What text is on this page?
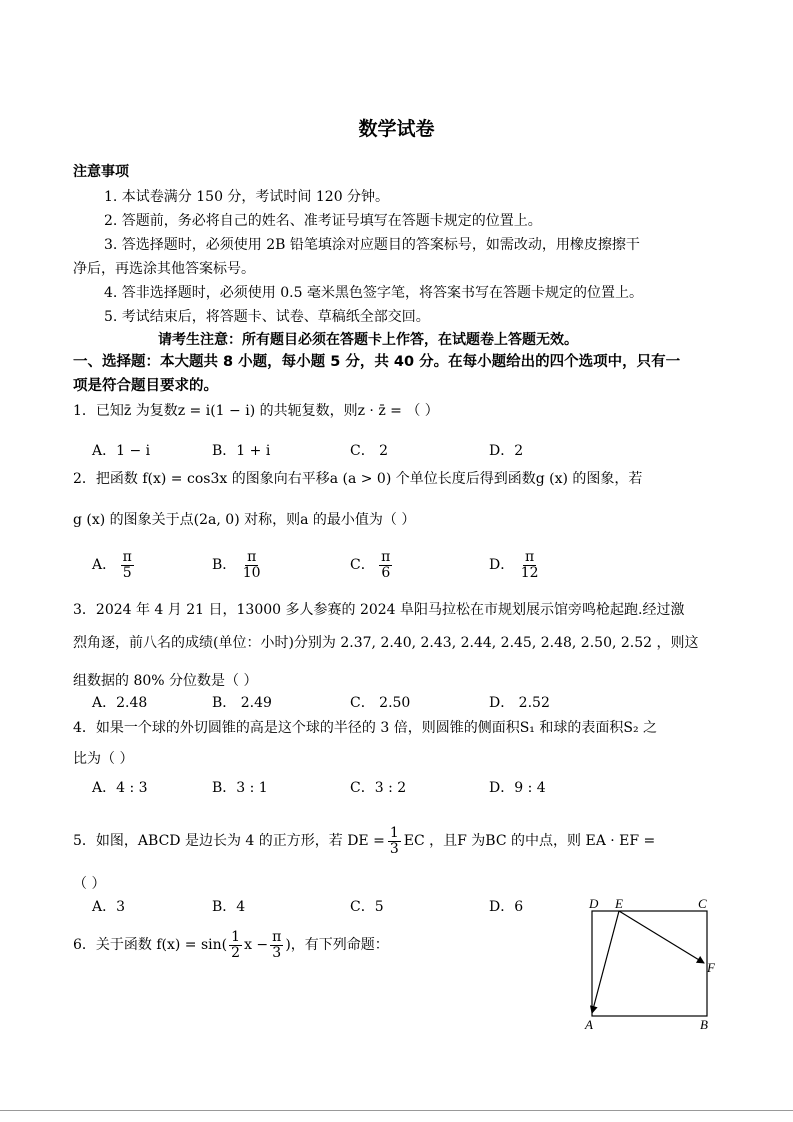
数学试卷
注意事项
1. 本试卷满分 150 分，考试时间 120 分钟。
2. 答题前，务必将自己的姓名、准考证号填写在答题卡规定的位置上。
3. 答选择题时，必须使用 2B 铅笔填涂对应题目的答案标号，如需改动，用橡皮擦擦干
净后，再选涂其他答案标号。
4. 答非选择题时，必须使用 0.5 毫米黑色签字笔，将答案书写在答题卡规定的位置上。
5. 考试结束后，将答题卡、试卷、草稿纸全部交回。
请考生注意：所有题目必须在答题卡上作答，在试题卷上答题无效。
一、选择题：本大题共 8 小题，每小题 5 分，共 40 分。在每小题给出的四个选项中，只有一
项是符合题目要求的。
1．已知z̄ 为复数z = i(1 − i) 的共轭复数，则z · z̄ = （ ）
A．1 − i	B．1 + i	C． 2	D．2
2．把函数 f(x) = cos3x 的图象向右平移a (a > 0) 个单位长度后得到函数g (x) 的图象，若
g (x) 的图象关于点(2a, 0) 对称，则a 的最小值为（ ）
A． $\frac{\pi}{5}$	B． $\frac{\pi}{10}$	C． $\frac{\pi}{6}$	D． $\frac{\pi}{12}$
3．2024 年 4 月 21 日，13000 多人参赛的 2024 阜阳马拉松在市规划展示馆旁鸣枪起跑.经过激
烈角逐，前八名的成绩(单位：小时)分别为 2.37, 2.40, 2.43, 2.44, 2.45, 2.48, 2.50, 2.52 ，则这
组数据的 80% 分位数是（ ）
A．2.48	B． 2.49	C． 2.50	D． 2.52
4．如果一个球的外切圆锥的高是这个球的半径的 3 倍，则圆锥的侧面积S₁ 和球的表面积S₂ 之
比为（ ）
A．4 : 3	B．3 : 1	C．3 : 2	D．9 : 4
5．如图，ABCD 是边长为 4 的正方形，若 DE = $\frac{1}{3}$ EC ，且F 为BC 的中点，则 EA · EF =
（ ）
A．3	B．4	C．5	D．6
6．关于函数 $f(x) = \sin( \frac{1}{2}$ $x - \frac{\pi}{3}$ )，有下列命题：
D E	C
F
A	B
